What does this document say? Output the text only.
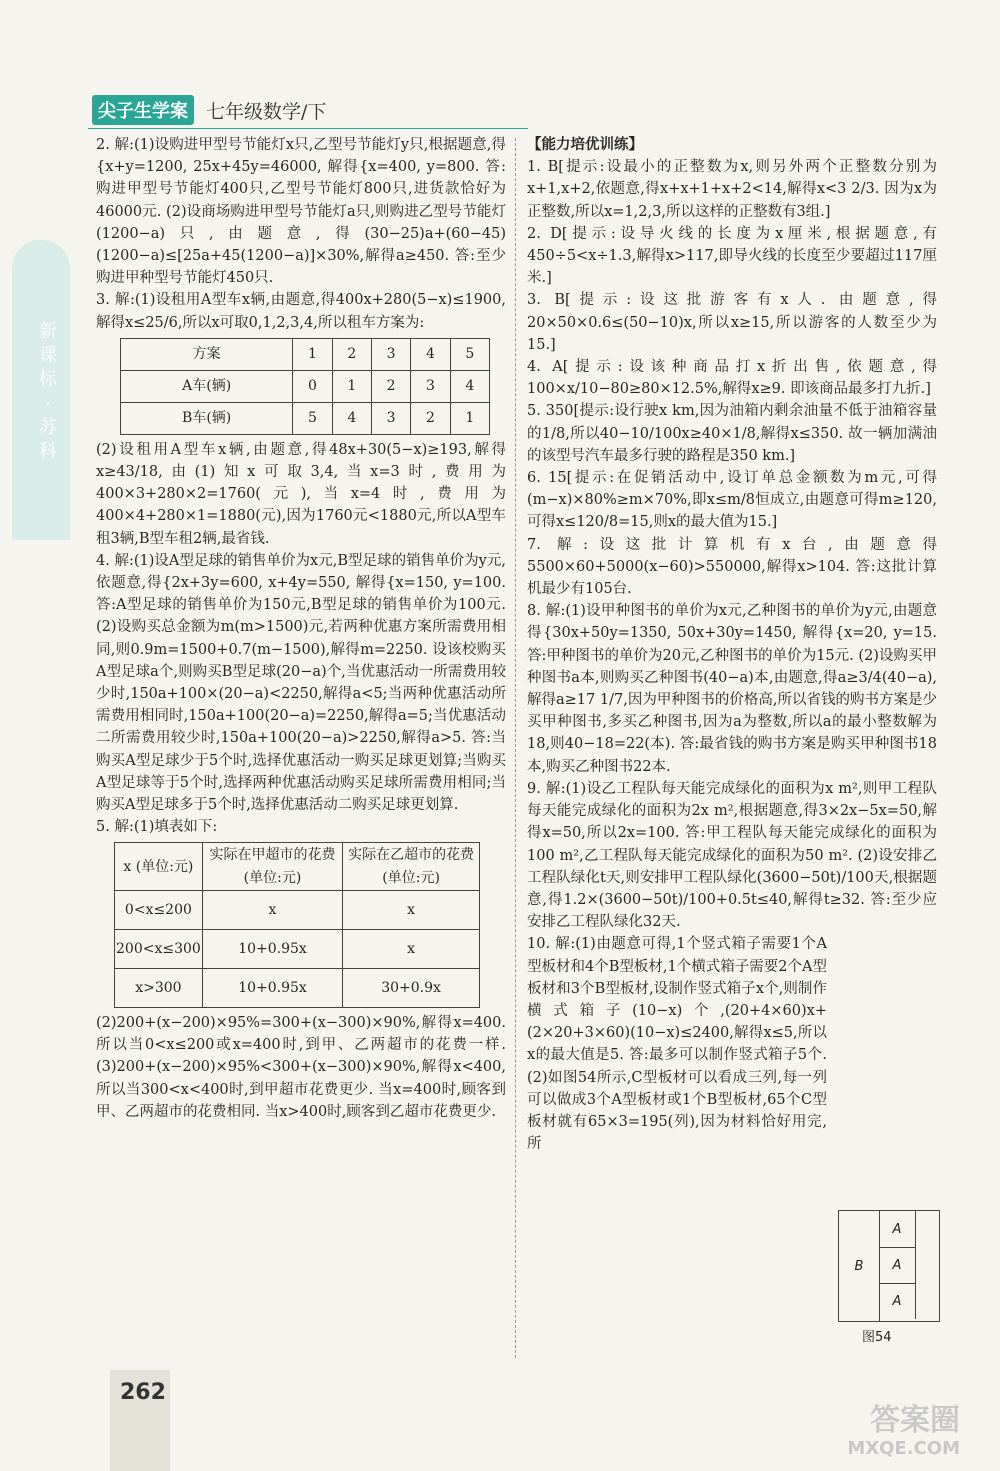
新课标·苏科
尖子生学案 七年级数学/下

2. 解:(1)设购进甲型号节能灯x只,乙型号节能灯y只,根据题意,得{x+y=1200, 25x+45y=46000, 解得{x=400, y=800. 答:购进甲型号节能灯400只,乙型号节能灯800只,进货款恰好为46000元. (2)设商场购进甲型号节能灯a只,则购进乙型号节能灯(1200−a)只,由题意,得(30−25)a+(60−45)(1200−a)≤[25a+45(1200−a)]×30%,解得a≥450. 答:至少购进甲种型号节能灯450只.

3. 解:(1)设租用A型车x辆,由题意,得400x+280(5−x)≤1900,解得x≤25/6,所以x可取0,1,2,3,4,所以租车方案为:

方案	1	2	3	4	5
A车(辆)	0	1	2	3	4
B车(辆)	5	4	3	2	1

(2)设租用A型车x辆,由题意,得48x+30(5−x)≥193,解得x≥43/18,由(1)知x可取3,4,当x=3时,费用为400×3+280×2=1760(元),当x=4时,费用为400×4+280×1=1880(元),因为1760元<1880元,所以A型车租3辆,B型车租2辆,最省钱.

4. 解:(1)设A型足球的销售单价为x元,B型足球的销售单价为y元,依题意,得{2x+3y=600, x+4y=550, 解得{x=150, y=100. 答:A型足球的销售单价为150元,B型足球的销售单价为100元. (2)设购买总金额为m(m>1500)元,若两种优惠方案所需费用相同,则0.9m=1500+0.7(m−1500),解得m=2250. 设该校购买A型足球a个,则购买B型足球(20−a)个,当优惠活动一所需费用较少时,150a+100×(20−a)<2250,解得a<5;当两种优惠活动所需费用相同时,150a+100(20−a)=2250,解得a=5;当优惠活动二所需费用较少时,150a+100(20−a)>2250,解得a>5. 答:当购买A型足球少于5个时,选择优惠活动一购买足球更划算;当购买A型足球等于5个时,选择两种优惠活动购买足球所需费用相同;当购买A型足球多于5个时,选择优惠活动二购买足球更划算.

5. 解:(1)填表如下:

x (单位:元)	实际在甲超市的花费(单位:元)	实际在乙超市的花费(单位:元)
0<x≤200	x	x
200<x≤300	10+0.95x	x
x>300	10+0.95x	30+0.9x

(2)200+(x−200)×95%=300+(x−300)×90%,解得x=400. 所以当0<x≤200或x=400时,到甲、乙两超市的花费一样. (3)200+(x−200)×95%<300+(x−300)×90%,解得x<400,所以当300<x<400时,到甲超市花费更少. 当x=400时,顾客到甲、乙两超市的花费相同. 当x>400时,顾客到乙超市花费更少.

【能力培优训练】

1. B[提示:设最小的正整数为x,则另外两个正整数分别为x+1,x+2,依题意,得x+x+1+x+2<14,解得x<3 2/3. 因为x为正整数,所以x=1,2,3,所以这样的正整数有3组.]

2. D[提示:设导火线的长度为x厘米,根据题意,有450÷5<x÷1.3,解得x>117,即导火线的长度至少要超过117厘米.]

3. B[提示:设这批游客有x人. 由题意,得20×50×0.6≤(50−10)x,所以x≥15,所以游客的人数至少为15.]

4. A[提示:设该种商品打x折出售,依题意,得100×x/10−80≥80×12.5%,解得x≥9. 即该商品最多打九折.]

5. 350[提示:设行驶x km,因为油箱内剩余油量不低于油箱容量的1/8,所以40−10/100x≥40×1/8,解得x≤350. 故一辆加满油的该型号汽车最多行驶的路程是350 km.]

6. 15[提示:在促销活动中,设订单总金额数为m元,可得(m−x)×80%≥m×70%,即x≤m/8恒成立,由题意可得m≥120,可得x≤120/8=15,则x的最大值为15.]

7. 解:设这批计算机有x台,由题意得5500×60+5000(x−60)>550000,解得x>104. 答:这批计算机最少有105台.

8. 解:(1)设甲种图书的单价为x元,乙种图书的单价为y元,由题意得{30x+50y=1350, 50x+30y=1450, 解得{x=20, y=15. 答:甲种图书的单价为20元,乙种图书的单价为15元. (2)设购买甲种图书a本,则购买乙种图书(40−a)本,由题意,得a≥3/4(40−a),解得a≥17 1/7,因为甲种图书的价格高,所以省钱的购书方案是少买甲种图书,多买乙种图书,因为a为整数,所以a的最小整数解为18,则40−18=22(本). 答:最省钱的购书方案是购买甲种图书18本,购买乙种图书22本.

9. 解:(1)设乙工程队每天能完成绿化的面积为x m²,则甲工程队每天能完成绿化的面积为2x m²,根据题意,得3×2x−5x=50,解得x=50,所以2x=100. 答:甲工程队每天能完成绿化的面积为100 m²,乙工程队每天能完成绿化的面积为50 m². (2)设安排乙工程队绿化t天,则安排甲工程队绿化(3600−50t)/100天,根据题意,得1.2×(3600−50t)/100+0.5t≤40,解得t≥32. 答:至少应安排乙工程队绿化32天.

10. 解:(1)由题意可得,1个竖式箱子需要1个A型板材和4个B型板材,1个横式箱子需要2个A型板材和3个B型板材,设制作竖式箱子x个,则制作横式箱子(10−x)个,(20+4×60)x+(2×20+3×60)(10−x)≤2400,解得x≤5,所以x的最大值是5. 答:最多可以制作竖式箱子5个. (2)如图54所示,C型板材可以看成三列,每一列可以做成3个A型板材或1个B型板材,65个C型板材就有65×3=195(列),因为材料恰好用完,所

B
A
A
A
图54
262
答案圈
MXQE.COM
